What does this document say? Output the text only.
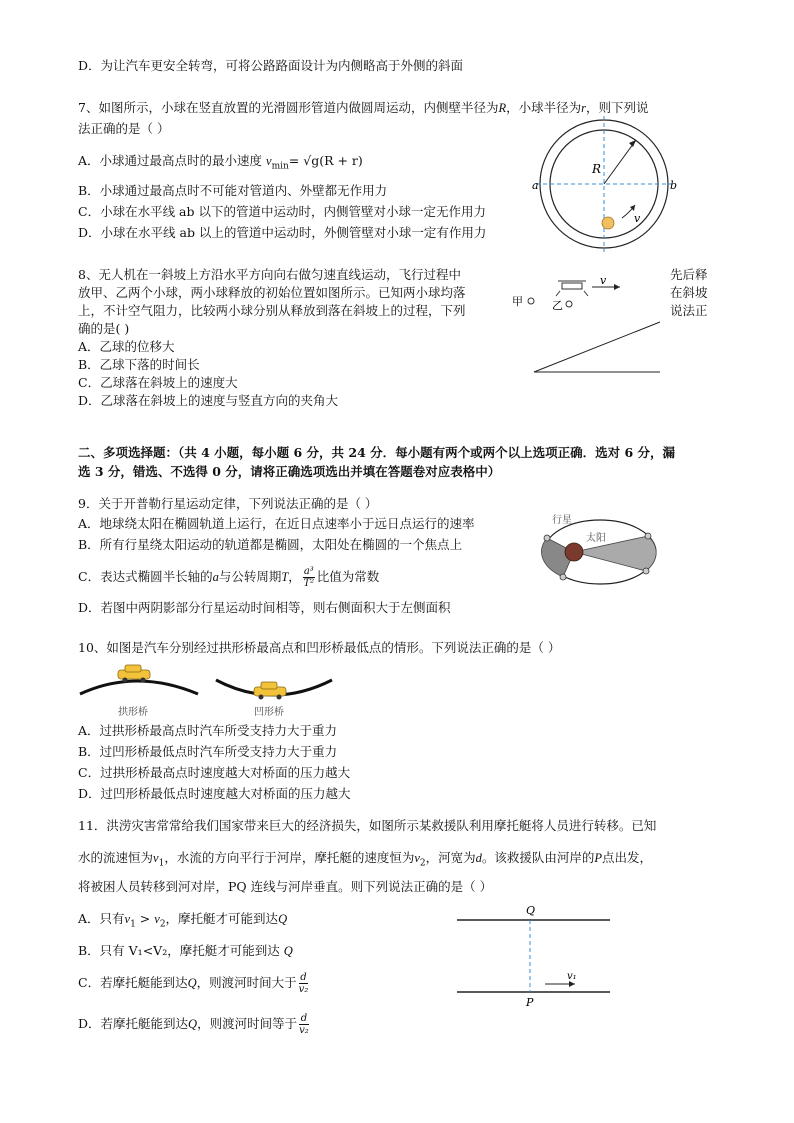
D．为让汽车更安全转弯，可将公路路面设计为内侧略高于外侧的斜面
7、如图所示，小球在竖直放置的光滑圆形管道内做圆周运动，内侧壁半径为R，小球半径为r，则下列说
法正确的是（ ）
A．小球通过最高点时的最小速度 $v_{min}= √g(R + r)$
B．小球通过最高点时不可能对管道内、外壁都无作用力
C．小球在水平线 ab 以下的管道中运动时，内侧管壁对小球一定无作用力
D．小球在水平线 ab 以上的管道中运动时，外侧管壁对小球一定有作用力
R
a	b
v
8、无人机在一斜坡上方沿水平方向向右做匀速直线运动，飞行过程中	先后释
放甲、乙两个小球，两小球释放的初始位置如图所示。已知两小球均落	在斜坡
上，不计空气阻力，比较两小球分别从释放到落在斜坡上的过程，下列	说法正
确的是( )
A．乙球的位移大
B．乙球下落的时间长
C．乙球落在斜坡上的速度大
D．乙球落在斜坡上的速度与竖直方向的夹角大
v
甲	乙
二、多项选择题：（共 4 小题，每小题 6 分，共 24 分．每小题有两个或两个以上选项正确．选对 6 分，漏
选 3 分，错选、不选得 0 分，请将正确选项选出并填在答题卷对应表格中）
9．关于开普勒行星运动定律，下列说法正确的是（ ）
A．地球绕太阳在椭圆轨道上运行，在近日点速率小于远日点运行的速率
B．所有行星绕太阳运动的轨道都是椭圆，太阳处在椭圆的一个焦点上
C．表达式椭圆半长轴的a与公转周期T， $\frac{\text{a³}}{\text{T²}}$ 比值为常数
D．若图中两阴影部分行星运动时间相等，则右侧面积大于左侧面积
行星
太阳
10、如图是汽车分别经过拱形桥最高点和凹形桥最低点的情形。下列说法正确的是（ ）
拱形桥	凹形桥
A．过拱形桥最高点时汽车所受支持力大于重力
B．过凹形桥最低点时汽车所受支持力大于重力
C．过拱形桥最高点时速度越大对桥面的压力越大
D．过凹形桥最低点时速度越大对桥面的压力越大
11．洪涝灾害常常给我们国家带来巨大的经济损失，如图所示某救援队利用摩托艇将人员进行转移。已知
水的流速恒为$v_1$，水流的方向平行于河岸，摩托艇的速度恒为$v_2$，河宽为d。该救援队由河岸的P点出发，
将被困人员转移到河对岸，PQ 连线与河岸垂直。则下列说法正确的是（ ）
A．只有$v_1 > v_2$，摩托艇才可能到达Q
B．只有 V₁<V₂，摩托艇才可能到达 Q
C．若摩托艇能到达Q，则渡河时间大于 $\frac{d}{\text{v₂}}$
D．若摩托艇能到达Q，则渡河时间等于 $\frac{d}{\text{v₂}}$
Q
P
v₁
